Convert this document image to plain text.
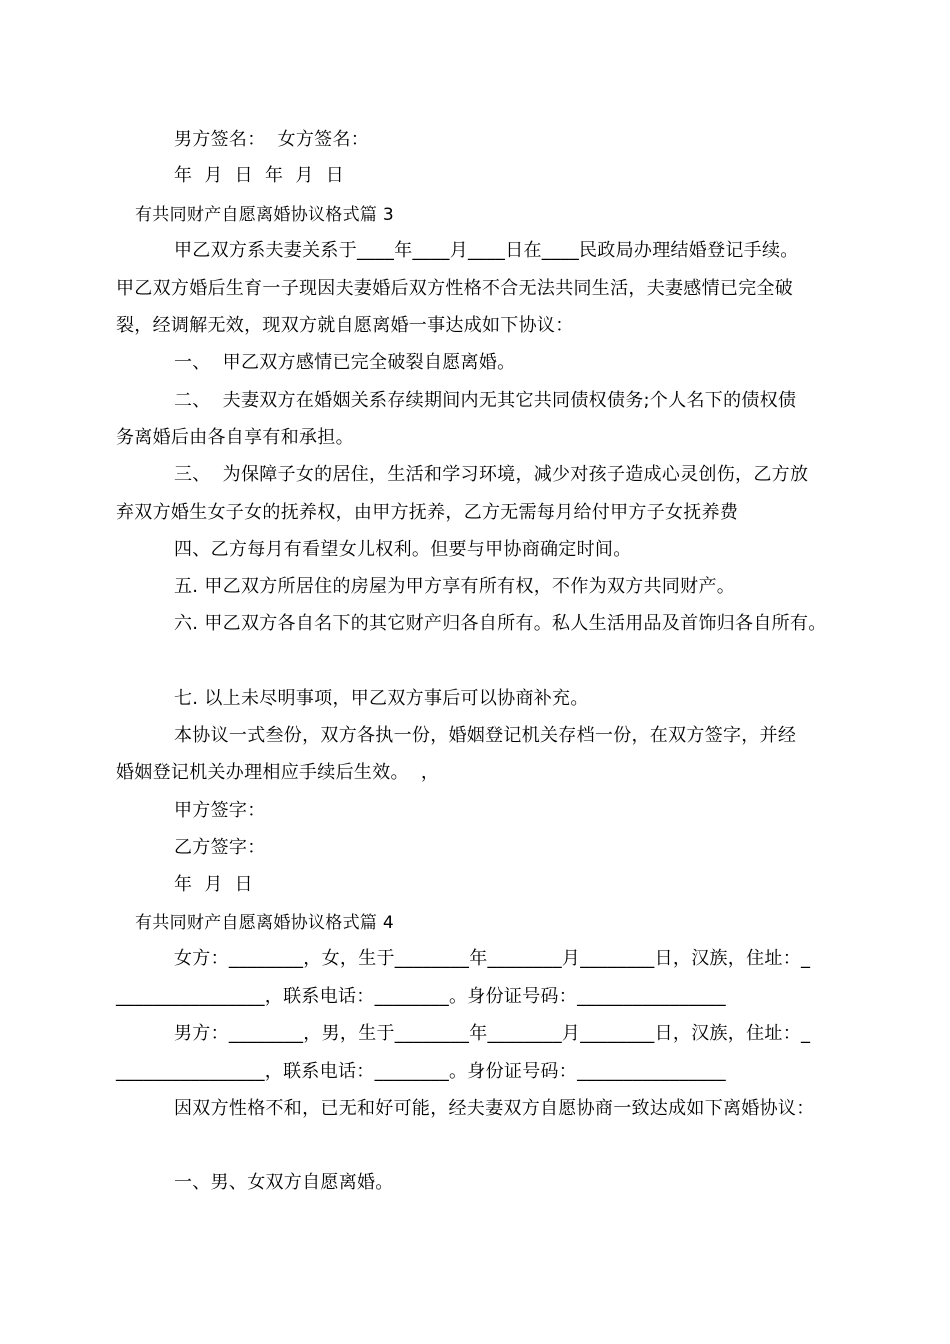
男方签名：  女方签名：
年  月  日  年  月  日
有共同财产自愿离婚协议格式篇 3
甲乙双方系夫妻关系于____年____月____日在____民政局办理结婚登记手续。
甲乙双方婚后生育一子现因夫妻婚后双方性格不合无法共同生活，夫妻感情已完全破
裂，经调解无效，现双方就自愿离婚一事达成如下协议：
一、  甲乙双方感情已完全破裂自愿离婚。
二、  夫妻双方在婚姻关系存续期间内无其它共同债权债务;个人名下的债权债
务离婚后由各自享有和承担。
三、  为保障子女的居住，生活和学习环境，减少对孩子造成心灵创伤，乙方放
弃双方婚生女子女的抚养权，由甲方抚养，乙方无需每月给付甲方子女抚养费
四、乙方每月有看望女儿权利。但要与甲协商确定时间。
五. 甲乙双方所居住的房屋为甲方享有所有权，不作为双方共同财产。
六. 甲乙双方各自名下的其它财产归各自所有。私人生活用品及首饰归各自所有。
七. 以上未尽明事项，甲乙双方事后可以协商补充。
本协议一式叁份，双方各执一份，婚姻登记机关存档一份，在双方签字，并经
婚姻登记机关办理相应手续后生效。  ，
甲方签字：
乙方签字：
年  月  日
有共同财产自愿离婚协议格式篇 4
女方：________，女，生于________年________月________日，汉族，住址：_
________________，联系电话：________。身份证号码：________________
男方：________，男，生于________年________月________日，汉族，住址：_
________________，联系电话：________。身份证号码：________________
因双方性格不和，已无和好可能，经夫妻双方自愿协商一致达成如下离婚协议：
一、男、女双方自愿离婚。
